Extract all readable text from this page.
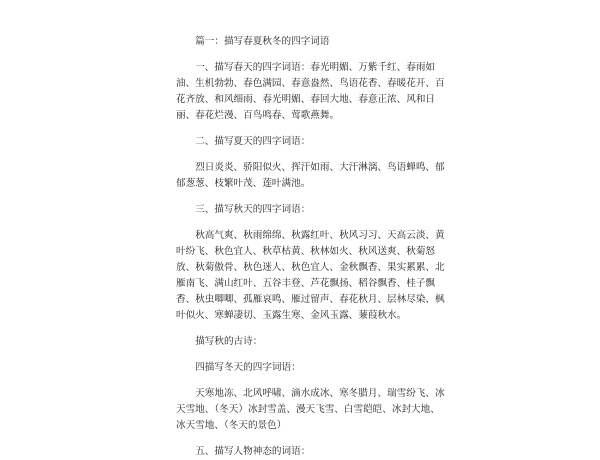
篇一：描写春夏秋冬的四字词语
一、描写春天的四字词语：春光明媚、万紫千红、春雨如
油、生机勃勃、春色满园、春意盎然、鸟语花香、春暖花开、百
花齐放、和风细雨、春光明媚、春回大地、春意正浓、风和日
丽、春花烂漫、百鸟鸣春、莺歌燕舞。
二、描写夏天的四字词语：
烈日炎炎、骄阳似火、挥汗如雨、大汗淋漓、鸟语蝉鸣、郁
郁葱葱、枝繁叶茂、莲叶满池。
三、描写秋天的四字词语：
秋高气爽、秋雨绵绵、秋露红叶、秋风习习、天高云淡、黄
叶纷飞、秋色宜人、秋草枯黄、秋林如火、秋风送爽、秋菊怒
放、秋菊傲骨、秋色迷人、秋色宜人、金秋飘香、果实累累、北
雁南飞、满山红叶、五谷丰登、芦花飘扬、稻谷飘香、桂子飘
香、秋虫唧唧、孤雁哀鸣、雁过留声、春花秋月、层林尽染、枫
叶似火、寒蝉凄切、玉露生寒、金风玉露、蒹葭秋水。
描写秋的古诗：
四描写冬天的四字词语：
天寒地冻、北风呼啸、滴水成冰、寒冬腊月、瑞雪纷飞、冰
天雪地、（冬天）冰封雪盖、漫天飞雪、白雪皑皑、冰封大地、
冰天雪地、（冬天的景色）
五、描写人物神态的词语：
